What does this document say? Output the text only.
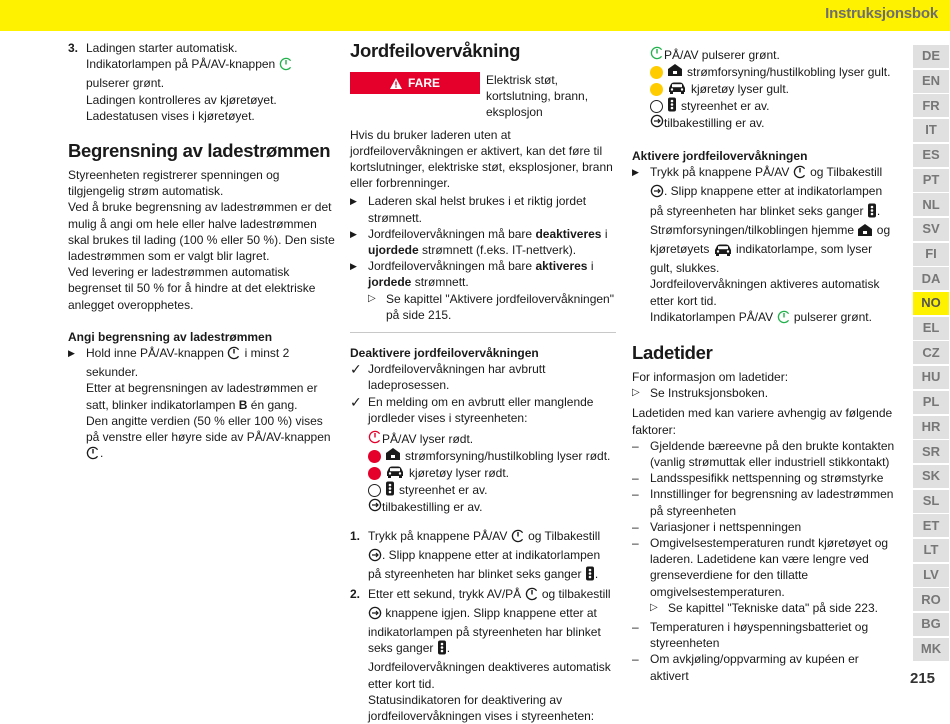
Instruksjonsbok
3. Ladingen starter automatisk.
Indikatorlampen på PÅ/AV-knappen  pulserer grønt.
Ladingen kontrolleres av kjøretøyet.
Ladestatusen vises i kjøretøyet.
Begrensning av ladestrømmen

Styreenheten registrerer spenningen og tilgjengelig strøm automatisk.

Ved å bruke begrensning av ladestrømmen er det mulig å angi om hele eller halve ladestrømmen skal brukes til lading (100 % eller 50 %). Den siste ladestrømmen som er valgt blir lagret.

Ved levering er ladestrømmen automatisk begrenset til 50 % for å hindre at det elektriske anlegget overopphetes.

Angi begrensning av ladestrømmen
▶ Hold inne PÅ/AV-knappen i minst 2 sekunder.
Etter at begrensningen av ladestrømmen er satt, blinker indikatorlampen B én gang.
Den angitte verdien (50 % eller 100 %) vises på venstre eller høyre side av PÅ/AV-knappen .
Jordfeilovervåkning
FARE	Elektrisk støt, kortslutning, brann, eksplosjon

Hvis du bruker laderen uten at jordfeilovervåkningen er aktivert, kan det føre til kortslutninger, elektriske støt, eksplosjoner, brann eller forbrenninger.

▶ Laderen skal helst brukes i et riktig jordet strømnett.
▶ Jordfeilovervåkningen må bare deaktiveres i ujordede strømnett (f.eks. IT-nettverk).
▶ Jordfeilovervåkningen må bare aktiveres i jordede strømnett.
▷ Se kapittel "Aktivere jordfeilovervåkningen" på side 215.
Deaktivere jordfeilovervåkningen
✓ Jordfeilovervåkningen har avbrutt ladeprosessen.
✓ En melding om en avbrutt eller manglende jordleder vises i styreenheten:
PÅ/AV lyser rødt.
strømforsyning/hustilkobling lyser rødt.
kjøretøy lyser rødt.
styreenhet er av.
tilbakestilling er av.
1. Trykk på knappene PÅ/AV og Tilbakestill . Slipp knappene etter at indikatorlampen på styreenheten har blinket seks ganger .
2. Etter ett sekund, trykk AV/PÅ og tilbakestill  knappene igjen. Slipp knappene etter at indikatorlampen på styreenheten har blinket seks ganger .
Jordfeilovervåkningen deaktiveres automatisk etter kort tid.
Statusindikatoren for deaktivering av jordfeilovervåkningen vises i styreenheten:
PÅ/AV pulserer grønt.
strømforsyning/hustilkobling lyser gult.
kjøretøy lyser gult.
styreenhet er av.
tilbakestilling er av.
Aktivere jordfeilovervåkningen
▶ Trykk på knappene PÅ/AV og Tilbakestill . Slipp knappene etter at indikatorlampen på styreenheten har blinket seks ganger .
Strømforsyningen/tilkoblingen hjemme og kjøretøyets indikatorlampe, som lyser gult, slukkes.
Jordfeilovervåkningen aktiveres automatisk etter kort tid.
Indikatorlampen PÅ/AV pulserer grønt.
Ladetider

For informasjon om ladetider:

▷ Se Instruksjonsboken.

Ladetiden med kan variere avhengig av følgende faktorer:

– Gjeldende bæreevne på den brukte kontakten (vanlig strømuttak eller industriell stikkontakt)
– Landsspesifikk nettspenning og strømstyrke
– Innstillinger for begrensning av ladestrømmen på styreenheten
– Variasjoner i nettspenningen
– Omgivelsestemperaturen rundt kjøretøyet og laderen. Ladetidene kan være lengre ved grenseverdiene for den tillatte omgivelsestemperaturen.
▷ Se kapittel "Tekniske data" på side 223.
– Temperaturen i høyspenningsbatteriet og styreenheten
– Om avkjøling/oppvarming av kupéen er aktivert
DE
EN
FR
IT
ES
PT
NL
SV
FI
DA
NO
EL
CZ
HU
PL
HR
SR
SK
SL
ET
LT
LV
RO
BG
MK
215
